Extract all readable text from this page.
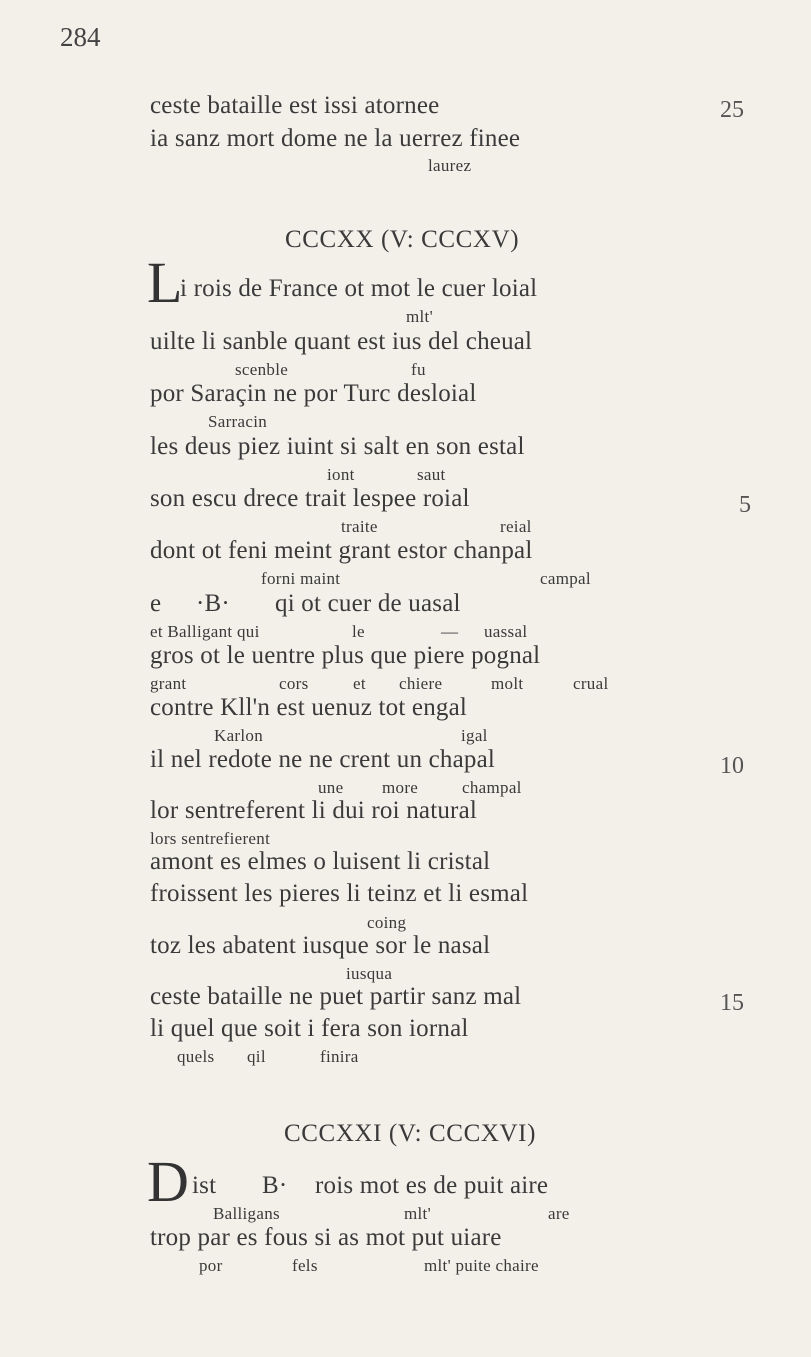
284
ceste bataille est issi atornee	25
ia sanz mort dome ne la uerrez finee
laurez
CCCXX (V: CCCXV)
L
i rois de France ot mot le cuer loial
mlt'
uilte li sanble quant est ius del cheual
scenble	fu
por Saraçin ne por Turc desloial
Sarracin
les deus piez iuint si salt en son estal
iont	saut
son escu drece trait lespee roial	5
traite	reial
dont ot feni meint grant estor chanpal
forni maint	campal
e ·B· qi ot cuer de uasal
et Balligant qui	le	— uassal
gros ot le uentre plus que piere pognal
grant	cors	et chiere	molt	crual
contre Kll'n est uenuz tot engal
Karlon	igal
il nel redote ne ne crent un chapal	10
une more	champal
lor sentreferent li dui roi natural
lors sentrefierent
amont es elmes o luisent li cristal
froissent les pieres li teinz et li esmal
coing
toz les abatent iusque sor le nasal
iusqua
ceste bataille ne puet partir sanz mal	15
li quel que soit i fera son iornal
quels qil	finira
CCCXXI (V: CCCXVI)
D ist B· rois mot es de puit aire
Balligans	mlt'	are
trop par es fous si as mot put uiare
por	fels	mlt' puite chaire
